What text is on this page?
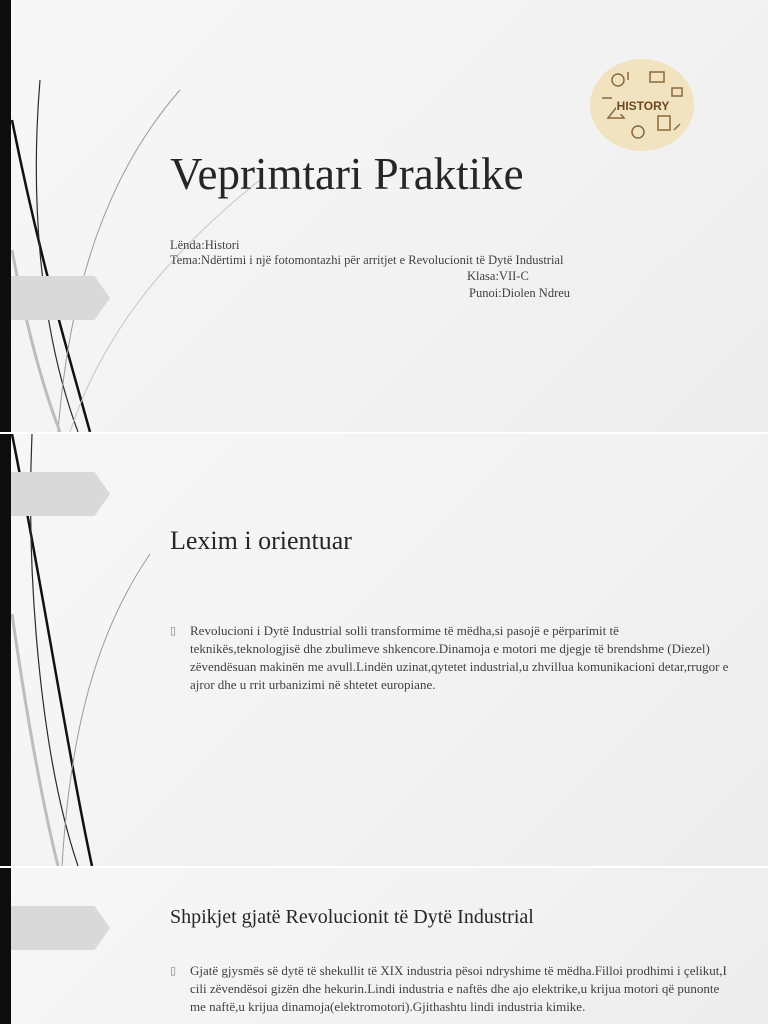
HISTORY
Veprimtari Praktike
Lënda:Histori
Tema:Ndërtimi i një fotomontazhi për arritjet e Revolucionit të Dytë Industrial
Klasa:VII-C
Punoi:Diolen Ndreu
Lexim i orientuar
▯ Revolucioni i Dytë Industrial solli transformime të mëdha,si pasojë e përparimit të teknikës,teknologjisë dhe zbulimeve shkencore.Dinamoja e motori me djegje të brendshme (Diezel) zëvendësuan makinën me avull.Lindën uzinat,qytetet industrial,u zhvillua komunikacioni detar,rrugor e ajror dhe u rrit urbanizimi në shtetet europiane.
Shpikjet gjatë Revolucionit të Dytë Industrial
▯ Gjatë gjysmës së dytë të shekullit të XIX industria pësoi ndryshime të mëdha.Filloi prodhimi i çelikut,I cili zëvendësoi gizën dhe hekurin.Lindi industria e naftës dhe ajo elektrike,u krijua motori që punonte me naftë,u krijua dinamoja(elektromotori).Gjithashtu lindi industria kimike.
